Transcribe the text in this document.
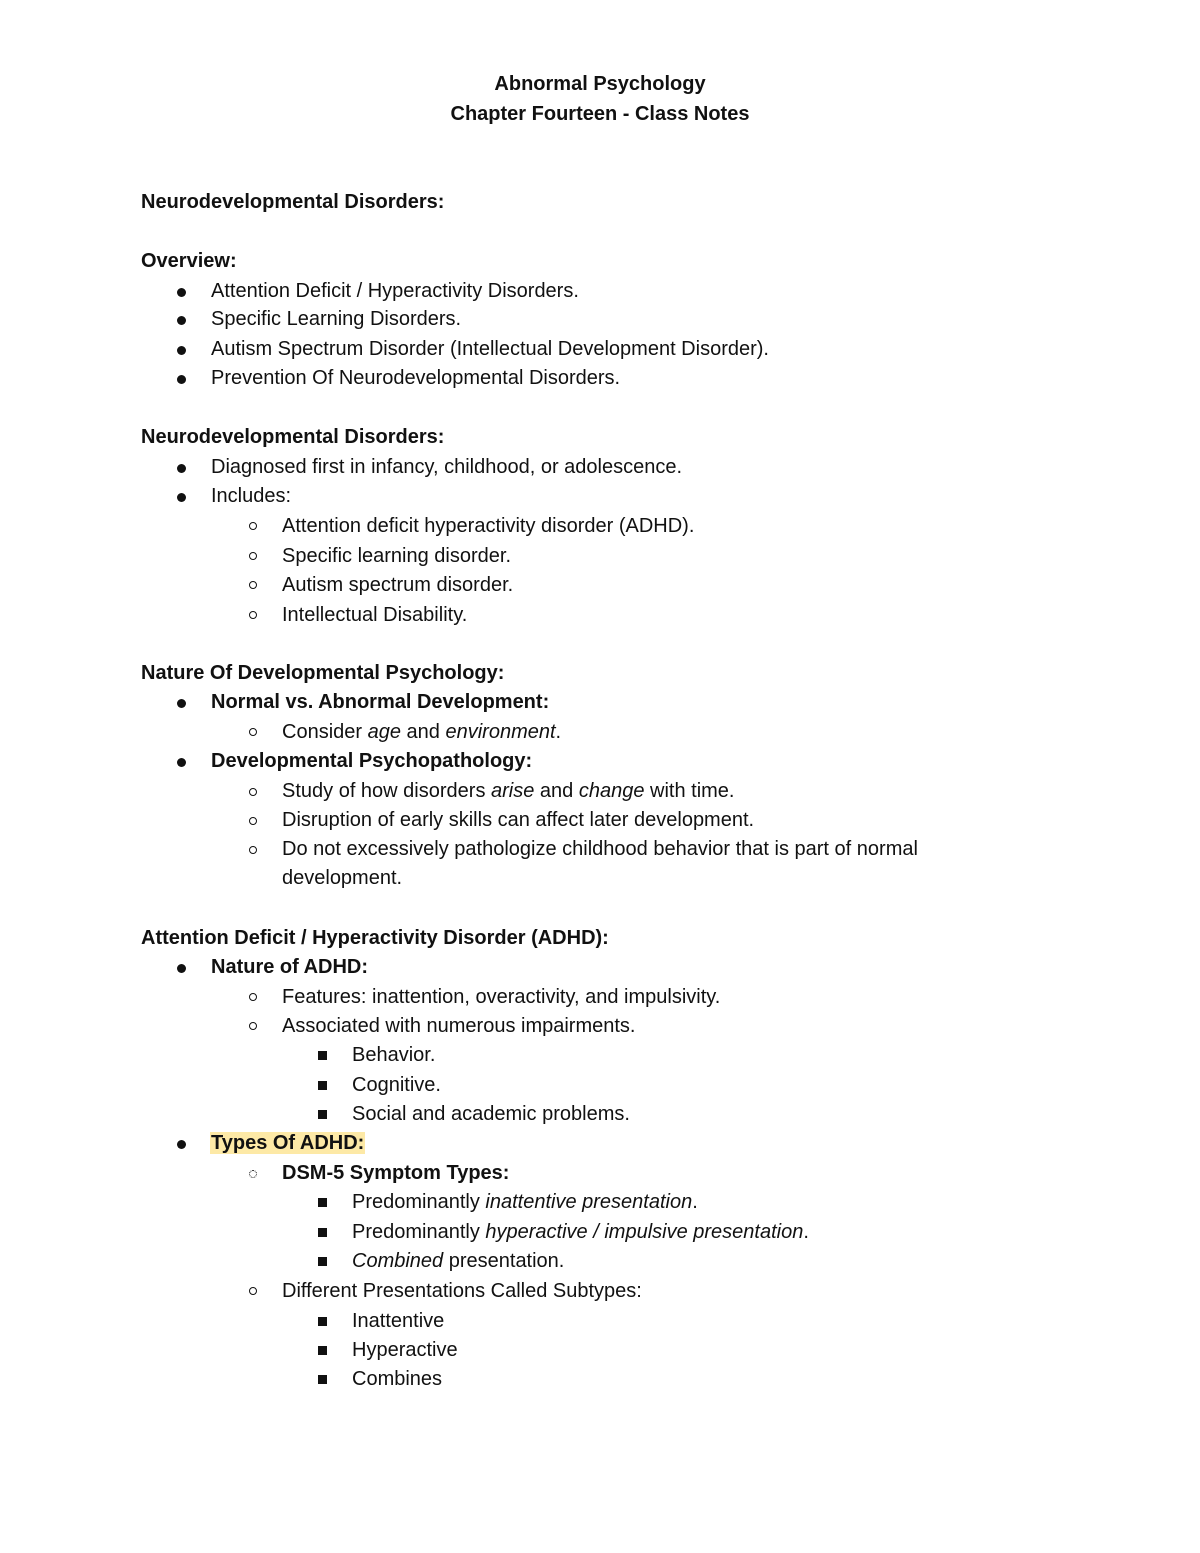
Abnormal Psychology
Chapter Fourteen - Class Notes
Neurodevelopmental Disorders:
Overview:
Attention Deficit / Hyperactivity Disorders.
Specific Learning Disorders.
Autism Spectrum Disorder (Intellectual Development Disorder).
Prevention Of Neurodevelopmental Disorders.
Neurodevelopmental Disorders:
Diagnosed first in infancy, childhood, or adolescence.
Includes:
Attention deficit hyperactivity disorder (ADHD).
Specific learning disorder.
Autism spectrum disorder.
Intellectual Disability.
Nature Of Developmental Psychology:
Normal vs. Abnormal Development:
Consider age and environment.
Developmental Psychopathology:
Study of how disorders arise and change with time.
Disruption of early skills can affect later development.
Do not excessively pathologize childhood behavior that is part of normal
development.
Attention Deficit / Hyperactivity Disorder (ADHD):
Nature of ADHD:
Features: inattention, overactivity, and impulsivity.
Associated with numerous impairments.
Behavior.
Cognitive.
Social and academic problems.
Types Of ADHD:
DSM-5 Symptom Types:
Predominantly inattentive presentation.
Predominantly hyperactive / impulsive presentation.
Combined presentation.
Different Presentations Called Subtypes:
Inattentive
Hyperactive
Combines
